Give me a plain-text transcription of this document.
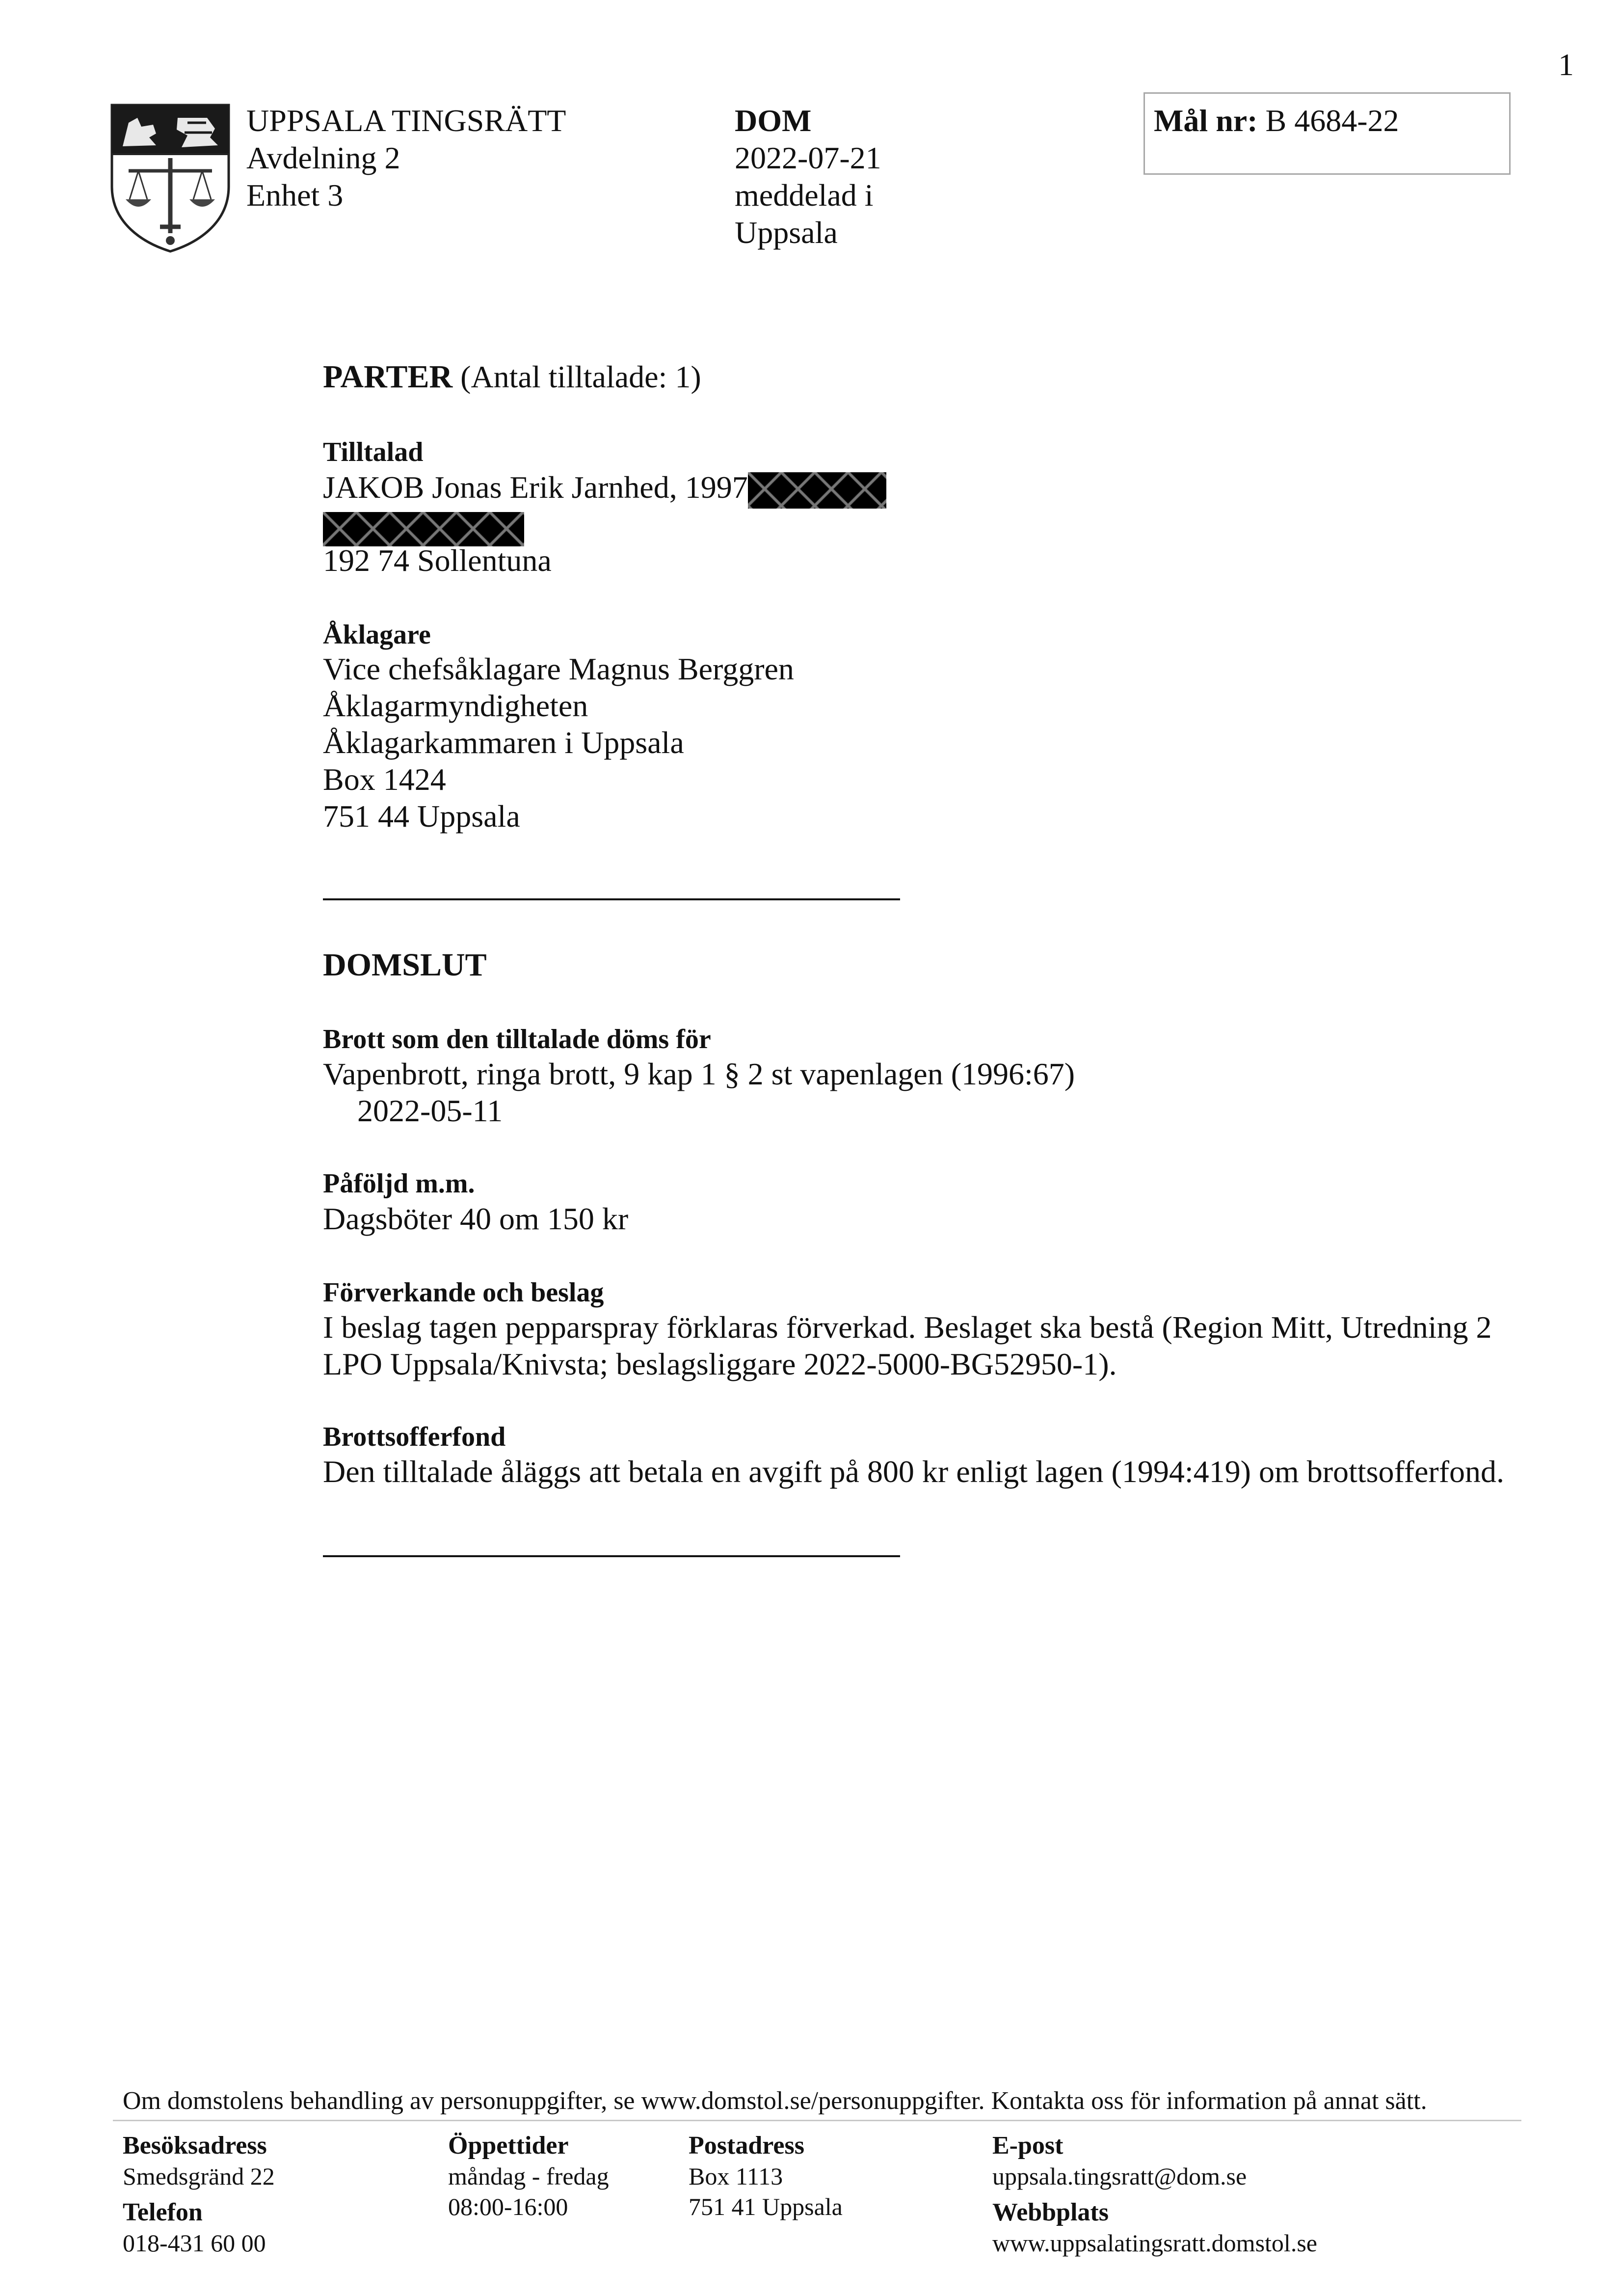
1
UPPSALA TINGSRÄTT
Avdelning 2
Enhet 3
DOM
2022-07-21
meddelad i
Uppsala
Mål nr: B 4684-22
PARTER (Antal tilltalade: 1)
Tilltalad
JAKOB Jonas Erik Jarnhed, 1997
192 74 Sollentuna
Åklagare
Vice chefsåklagare Magnus Berggren
Åklagarmyndigheten
Åklagarkammaren i Uppsala
Box 1424
751 44 Uppsala
DOMSLUT
Brott som den tilltalade döms för
Vapenbrott, ringa brott, 9 kap 1 § 2 st vapenlagen (1996:67)
2022-05-11
Påföljd m.m.
Dagsböter 40 om 150 kr
Förverkande och beslag
I beslag tagen pepparspray förklaras förverkad. Beslaget ska bestå (Region Mitt, Utredning 2
LPO Uppsala/Knivsta; beslagsliggare 2022-5000-BG52950-1).
Brottsofferfond
Den tilltalade åläggs att betala en avgift på 800 kr enligt lagen (1994:419) om brottsofferfond.
Om domstolens behandling av personuppgifter, se www.domstol.se/personuppgifter. Kontakta oss för information på annat sätt.
Besöksadress
Smedsgränd 22
Telefon
018-431 60 00
Öppettider
måndag - fredag
08:00-16:00
Postadress
Box 1113
751 41 Uppsala
E-post
uppsala.tingsratt@dom.se
Webbplats
www.uppsalatingsratt.domstol.se
